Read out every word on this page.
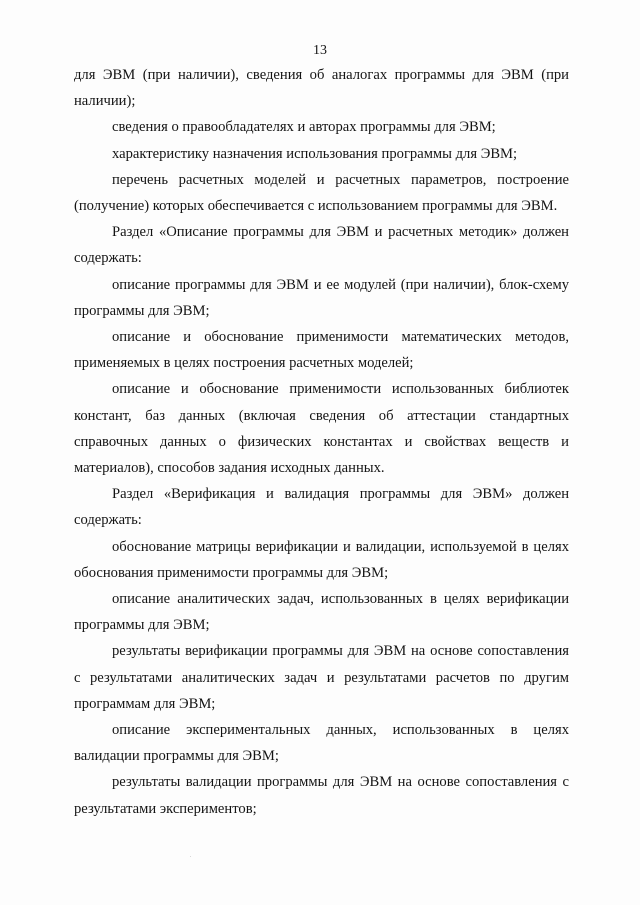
13

для ЭВМ (при наличии), сведения об аналогах программы для ЭВМ (при наличии);

сведения о правообладателях и авторах программы для ЭВМ;

характеристику назначения использования программы для ЭВМ;

перечень расчетных моделей и расчетных параметров, построение (получение) которых обеспечивается с использованием программы для ЭВМ.

Раздел «Описание программы для ЭВМ и расчетных методик» должен содержать:

описание программы для ЭВМ и ее модулей (при наличии), блок-схему программы для ЭВМ;

описание и обоснование применимости математических методов, применяемых в целях построения расчетных моделей;

описание и обоснование применимости использованных библиотек констант, баз данных (включая сведения об аттестации стандартных справочных данных о физических константах и свойствах веществ и материалов), способов задания исходных данных.

Раздел «Верификация и валидация программы для ЭВМ» должен содержать:

обоснование матрицы верификации и валидации, используемой в целях обоснования применимости программы для ЭВМ;

описание аналитических задач, использованных в целях верификации программы для ЭВМ;

результаты верификации программы для ЭВМ на основе сопоставления с результатами аналитических задач и результатами расчетов по другим программам для ЭВМ;

описание экспериментальных данных, использованных в целях валидации программы для ЭВМ;

результаты валидации программы для ЭВМ на основе сопоставления с результатами экспериментов;
